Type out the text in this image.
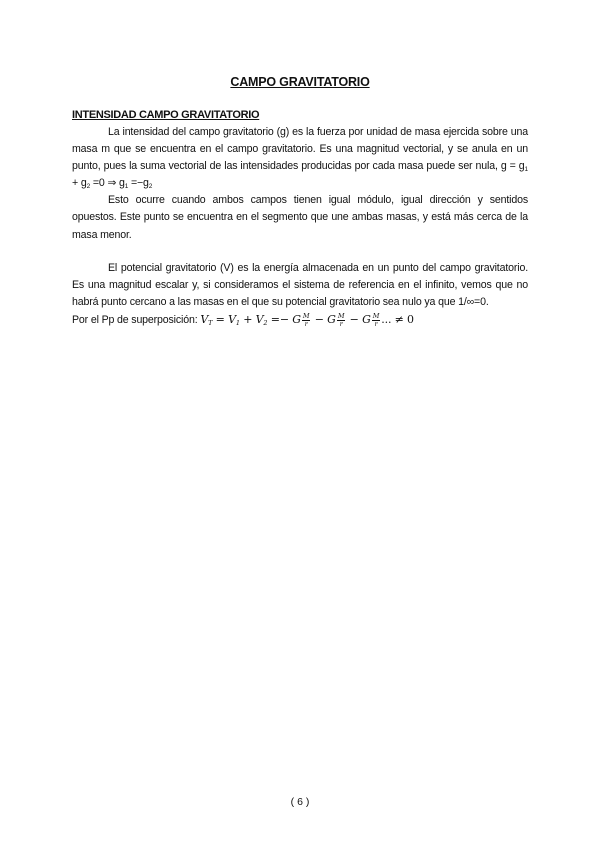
CAMPO GRAVITATORIO
INTENSIDAD CAMPO GRAVITATORIO

La intensidad del campo gravitatorio (g) es la fuerza por unidad de masa ejercida sobre una masa m que se encuentra en el campo gravitatorio. Es una magnitud vectorial, y se anula en un punto, pues la suma vectorial de las intensidades producidas por cada masa puede ser nula, $g = g_1 + g_2 =0$ ⇒ $g_1 =-g_2$

Esto ocurre cuando ambos campos tienen igual módulo, igual dirección y sentidos opuestos. Este punto se encuentra en el segmento que une ambas masas, y está más cerca de la masa menor.

El potencial gravitatorio (V) es la energía almacenada en un punto del campo gravitatorio. Es una magnitud escalar y, si consideramos el sistema de referencia en el infinito, vemos que no habrá punto cercano a las masas en el que su potencial gravitatorio sea nulo ya que 1/∞=0.

Por el Pp de superposición: $V_T = V_1 + V_2 =- G \frac{M}{r} - G \frac{M}{r} - G \frac{M}{r}$ ... ≠ 0

( 6 )
